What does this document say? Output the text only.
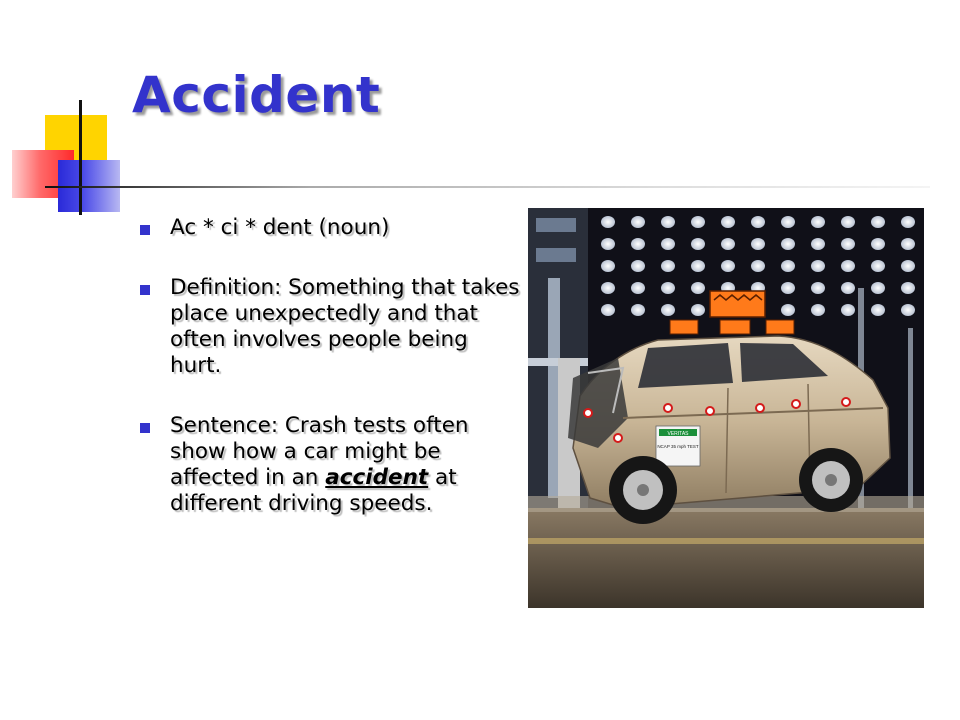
Accident
Ac * ci * dent (noun)
Definition: Something that takes place unexpectedly and that often involves people being hurt.
Sentence: Crash tests often show how a car might be affected in an accident at different driving speeds.
VERITAS
NCAP 35 mph TEST
